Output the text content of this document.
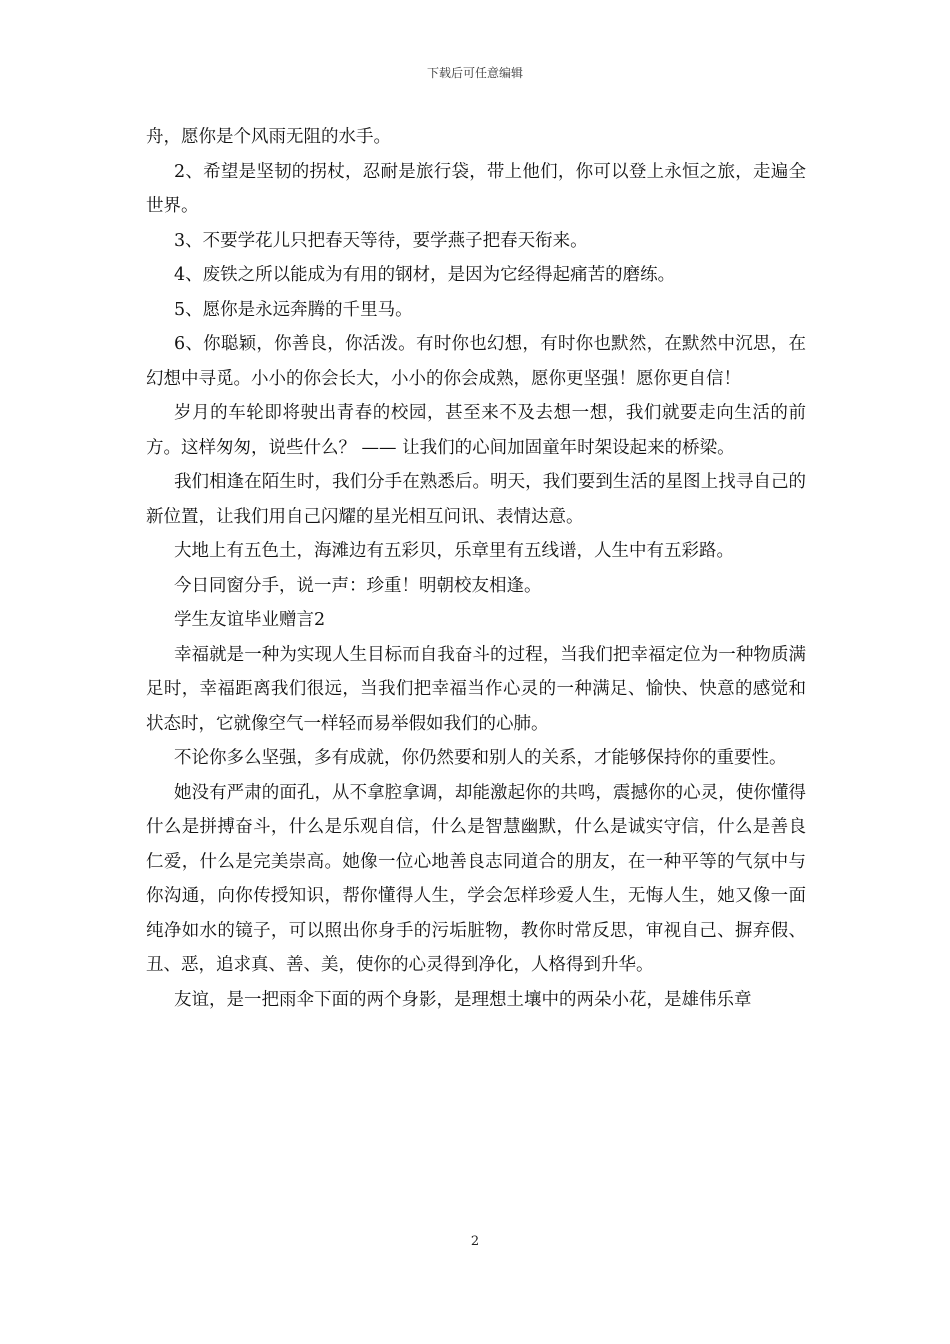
下载后可任意编辑

舟，愿你是个风雨无阻的水手。

2、希望是坚韧的拐杖，忍耐是旅行袋，带上他们，你可以登上永恒之旅，走遍全世界。

3、不要学花儿只把春天等待，要学燕子把春天衔来。

4、废铁之所以能成为有用的钢材，是因为它经得起痛苦的磨练。

5、愿你是永远奔腾的千里马。

6、你聪颖，你善良，你活泼。有时你也幻想，有时你也默然，在默然中沉思，在幻想中寻觅。小小的你会长大，小小的你会成熟，愿你更坚强！愿你更自信！

岁月的车轮即将驶出青春的校园，甚至来不及去想一想，我们就要走向生活的前方。这样匆匆，说些什么？ —— 让我们的心间加固童年时架设起来的桥梁。

我们相逢在陌生时，我们分手在熟悉后。明天，我们要到生活的星图上找寻自己的新位置，让我们用自己闪耀的星光相互问讯、表情达意。

大地上有五色土，海滩边有五彩贝，乐章里有五线谱，人生中有五彩路。

今日同窗分手，说一声：珍重！明朝校友相逢。

学生友谊毕业赠言2

幸福就是一种为实现人生目标而自我奋斗的过程，当我们把幸福定位为一种物质满足时，幸福距离我们很远，当我们把幸福当作心灵的一种满足、愉快、快意的感觉和状态时，它就像空气一样轻而易举假如我们的心肺。

不论你多么坚强，多有成就，你仍然要和别人的关系，才能够保持你的重要性。

她没有严肃的面孔，从不拿腔拿调，却能激起你的共鸣，震撼你的心灵，使你懂得什么是拼搏奋斗，什么是乐观自信，什么是智慧幽默，什么是诚实守信，什么是善良仁爱，什么是完美崇高。她像一位心地善良志同道合的朋友，在一种平等的气氛中与你沟通，向你传授知识，帮你懂得人生，学会怎样珍爱人生，无悔人生，她又像一面纯净如水的镜子，可以照出你身手的污垢脏物，教你时常反思，审视自己、摒弃假、丑、恶，追求真、善、美，使你的心灵得到净化，人格得到升华。

友谊，是一把雨伞下面的两个身影，是理想土壤中的两朵小花，是雄伟乐章

2
